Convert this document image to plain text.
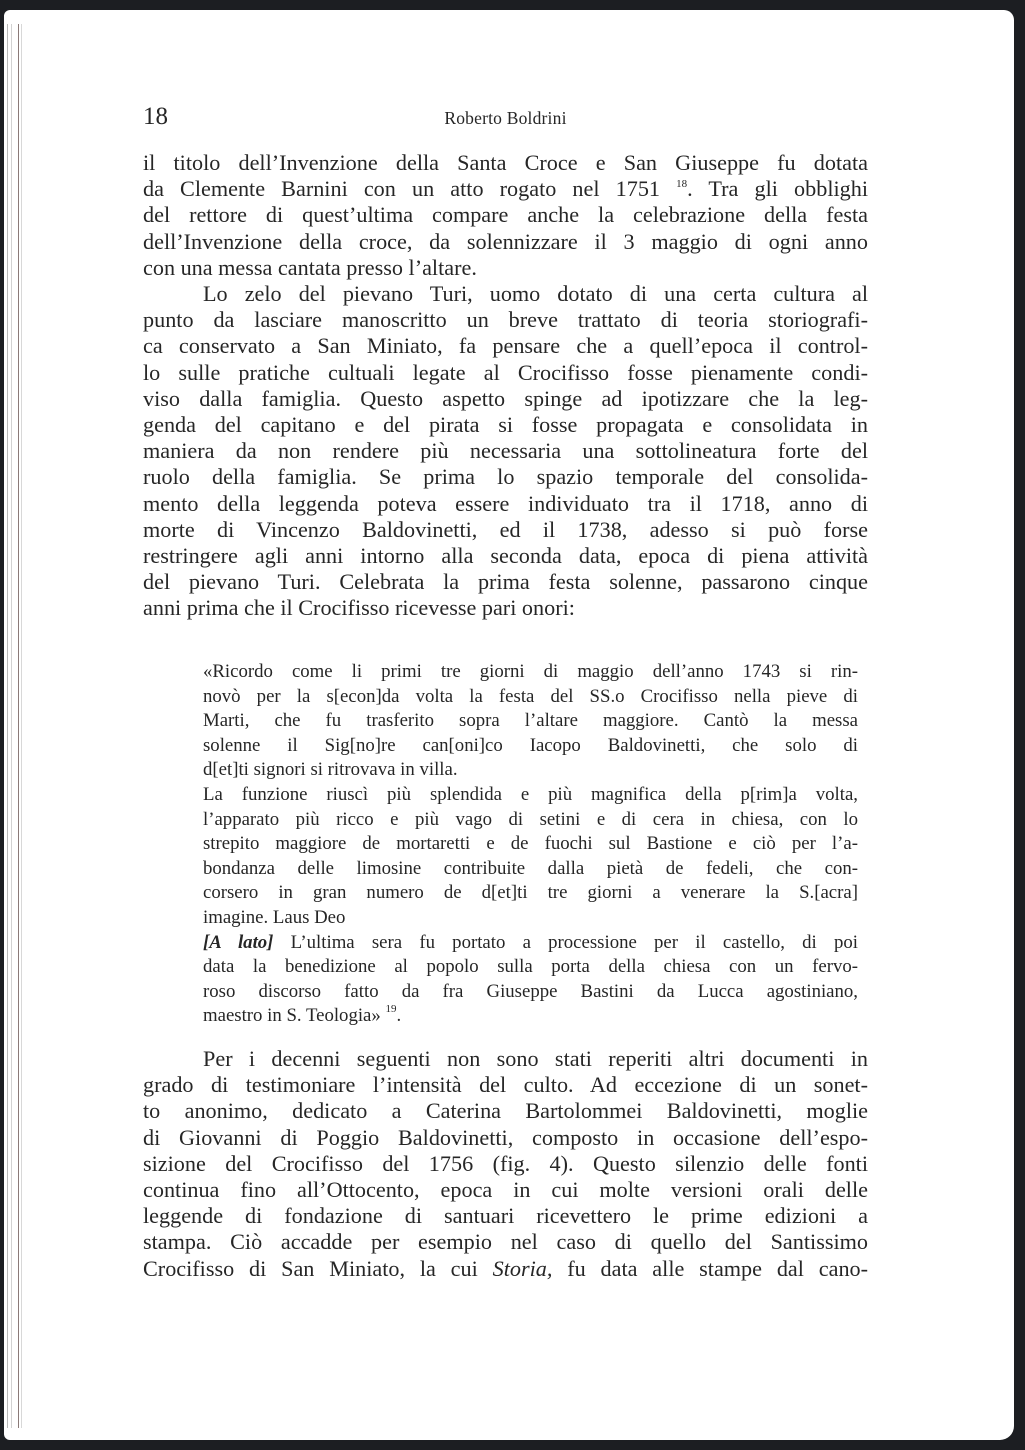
18	Roberto Boldrini

il titolo dell’Invenzione della Santa Croce e San Giuseppe fu dotata
da Clemente Barnini con un atto rogato nel 1751 $^{18}$. Tra gli obblighi
del rettore di quest’ultima compare anche la celebrazione della festa
dell’Invenzione della croce, da solennizzare il 3 maggio di ogni anno
con una messa cantata presso l’altare.

Lo zelo del pievano Turi, uomo dotato di una certa cultura al
punto da lasciare manoscritto un breve trattato di teoria storiografi-
ca conservato a San Miniato, fa pensare che a quell’epoca il control-
lo sulle pratiche cultuali legate al Crocifisso fosse pienamente condi-
viso dalla famiglia. Questo aspetto spinge ad ipotizzare che la leg-
genda del capitano e del pirata si fosse propagata e consolidata in
maniera da non rendere più necessaria una sottolineatura forte del
ruolo della famiglia. Se prima lo spazio temporale del consolida-
mento della leggenda poteva essere individuato tra il 1718, anno di
morte di Vincenzo Baldovinetti, ed il 1738, adesso si può forse
restringere agli anni intorno alla seconda data, epoca di piena attività
del pievano Turi. Celebrata la prima festa solenne, passarono cinque
anni prima che il Crocifisso ricevesse pari onori:

«Ricordo come li primi tre giorni di maggio dell’anno 1743 si rin-
novò per la s[econ]da volta la festa del SS.o Crocifisso nella pieve di
Marti, che fu trasferito sopra l’altare maggiore. Cantò la messa
solenne il Sig[no]re can[oni]co Iacopo Baldovinetti, che solo di
d[et]ti signori si ritrovava in villa.
La funzione riuscì più splendida e più magnifica della p[rim]a volta,
l’apparato più ricco e più vago di setini e di cera in chiesa, con lo
strepito maggiore de mortaretti e de fuochi sul Bastione e ciò per l’a-
bondanza delle limosine contribuite dalla pietà de fedeli, che con-
corsero in gran numero de d[et]ti tre giorni a venerare la S.[acra]
imagine. Laus Deo
[A lato] L’ultima sera fu portato a processione per il castello, di poi
data la benedizione al popolo sulla porta della chiesa con un fervo-
roso discorso fatto da fra Giuseppe Bastini da Lucca agostiniano,
maestro in S. Teologia» $^{19}$.

Per i decenni seguenti non sono stati reperiti altri documenti in
grado di testimoniare l’intensità del culto. Ad eccezione di un sonet-
to anonimo, dedicato a Caterina Bartolommei Baldovinetti, moglie
di Giovanni di Poggio Baldovinetti, composto in occasione dell’espo-
sizione del Crocifisso del 1756 (fig. 4). Questo silenzio delle fonti
continua fino all’Ottocento, epoca in cui molte versioni orali delle
leggende di fondazione di santuari ricevettero le prime edizioni a
stampa. Ciò accadde per esempio nel caso di quello del Santissimo
Crocifisso di San Miniato, la cui Storia, fu data alle stampe dal cano-
